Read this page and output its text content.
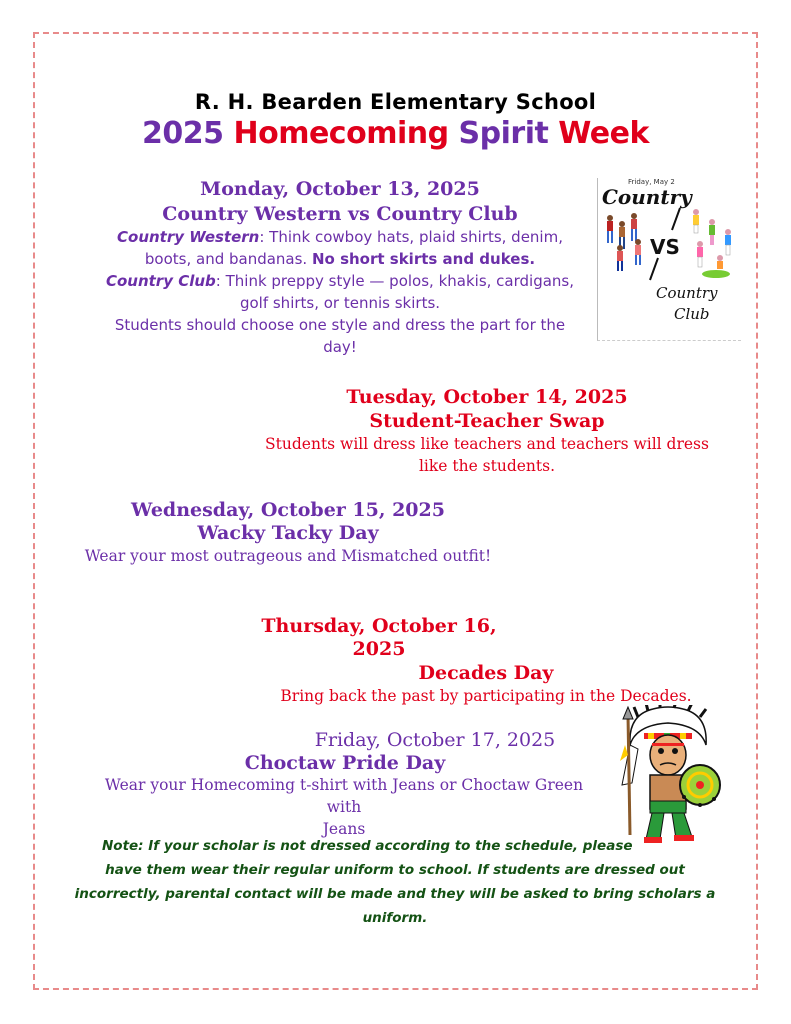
R. H. Bearden Elementary School
2025 Homecoming Spirit Week
Monday, October 13, 2025
Country Western vs Country Club
Country Western: Think cowboy hats, plaid shirts, denim,
boots, and bandanas. No short skirts and dukes.
Country Club: Think preppy style — polos, khakis, cardigans,
golf shirts, or tennis skirts.
Students should choose one style and dress the part for the
day!
Friday, May 2
Country
VS
Country
Club
Tuesday, October 14, 2025
Student-Teacher Swap
Students will dress like teachers and teachers will dress
like the students.
Wednesday, October 15, 2025
Wacky Tacky Day
Wear your most outrageous and Mismatched outfit!
Thursday, October 16,
2025
Decades Day
Bring back the past by participating in the Decades.
Friday, October 17, 2025
Choctaw Pride Day
Wear your Homecoming t-shirt with Jeans or Choctaw Green with
Jeans
Note: If your scholar is not dressed according to the schedule, please
have them wear their regular uniform to school. If students are dressed out
incorrectly, parental contact will be made and they will be asked to bring scholars a
uniform.
